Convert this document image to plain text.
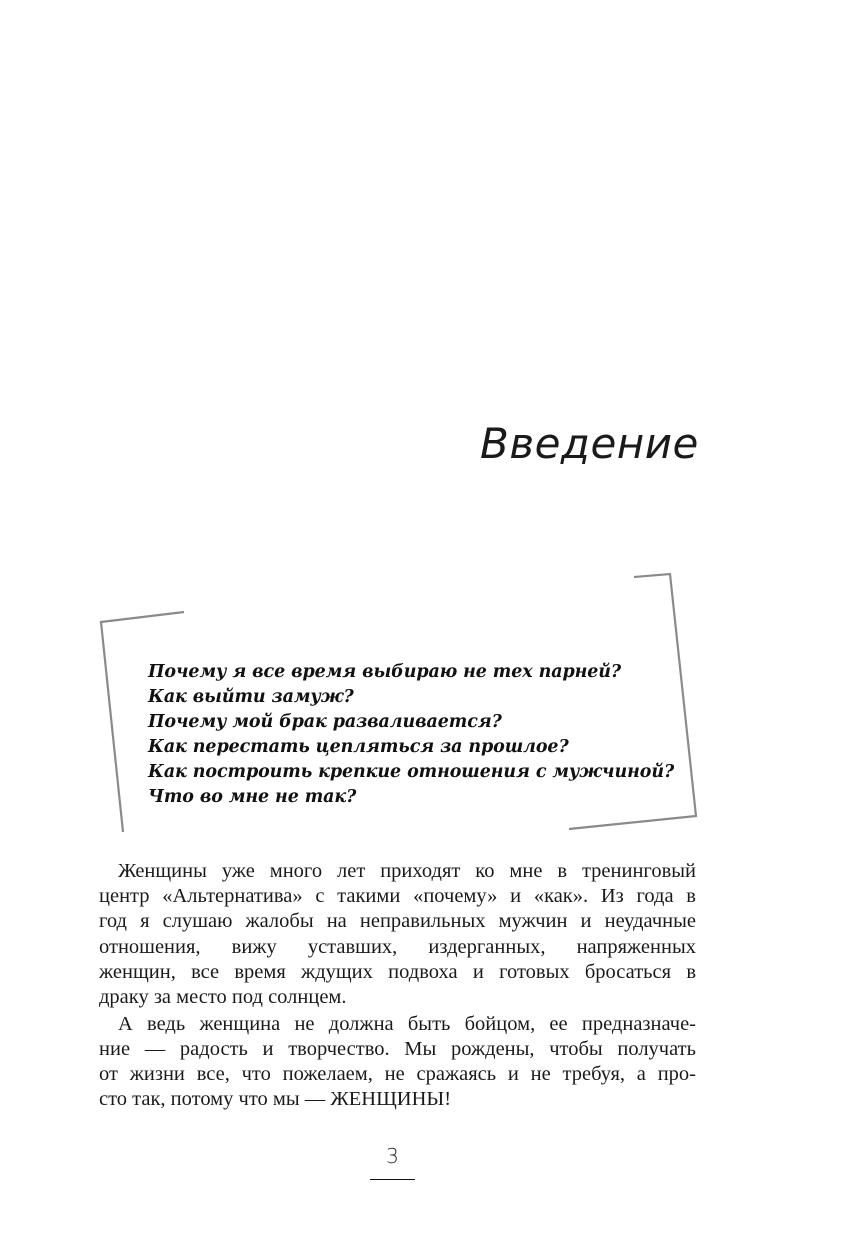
Введение
Почему я все время выбираю не тех парней?
Как выйти замуж?
Почему мой брак разваливается?
Как перестать цепляться за прошлое?
Как построить крепкие отношения с мужчиной?
Что во мне не так?
Женщины уже много лет приходят ко мне в тренинговый
центр «Альтернатива» с такими «почему» и «как». Из года в
год я слушаю жалобы на неправильных мужчин и неудачные
отношения, вижу уставших, издерганных, напряженных
женщин, все время ждущих подвоха и готовых бросаться в
драку за место под солнцем.
А ведь женщина не должна быть бойцом, ее предназначе-
ние — радость и творчество. Мы рождены, чтобы получать
от жизни все, что пожелаем, не сражаясь и не требуя, а про-
сто так, потому что мы — ЖЕНЩИНЫ!
3
